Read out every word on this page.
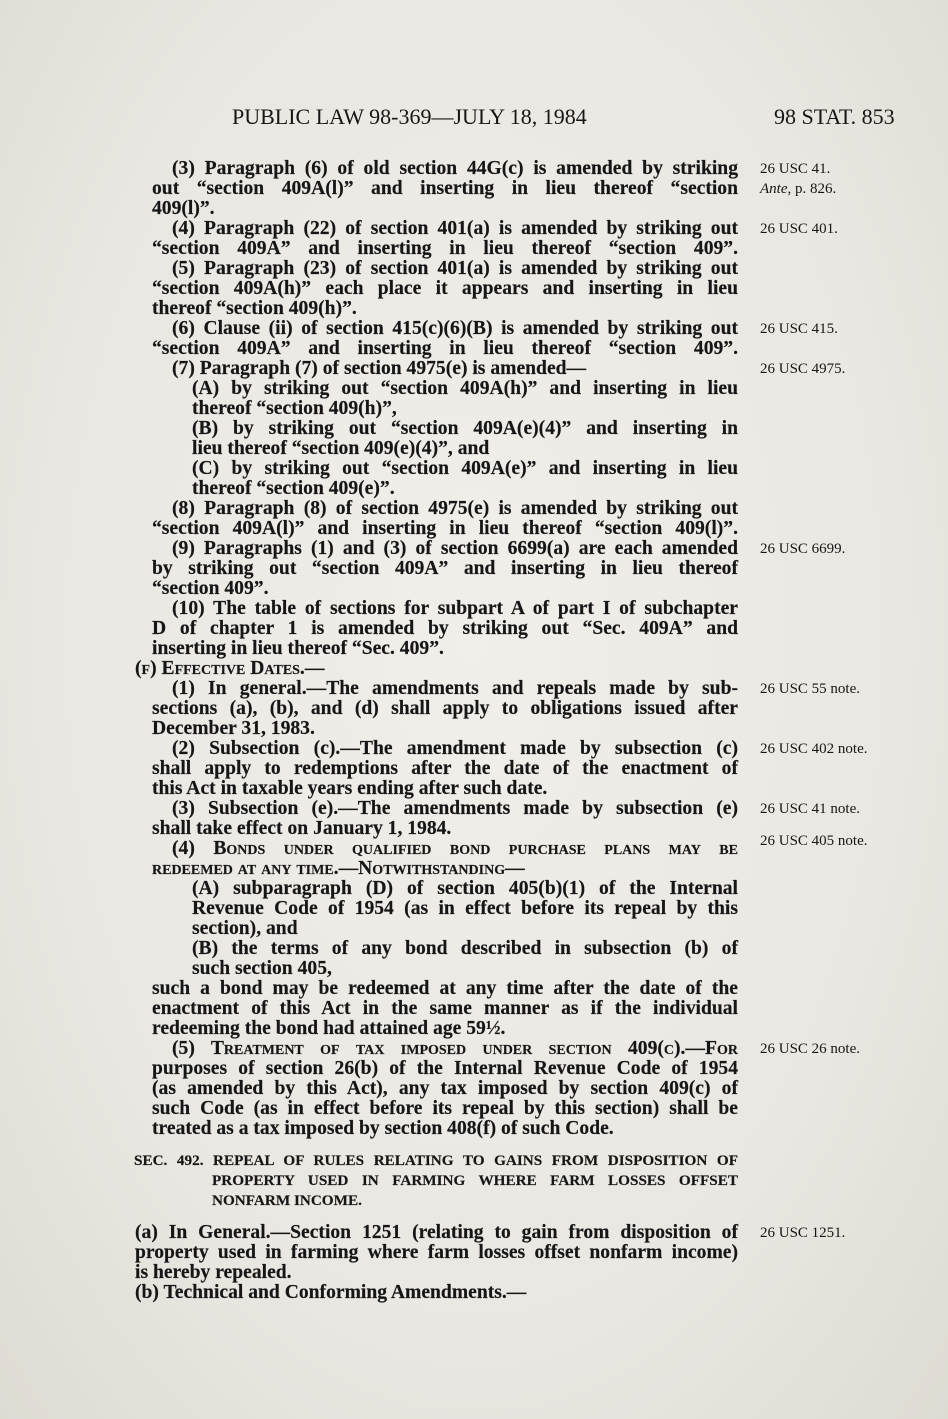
PUBLIC LAW 98-369—JULY 18, 1984	98 STAT. 853
(3) Paragraph (6) of old section 44G(c) is amended by striking
out “section 409A(l)” and inserting in lieu thereof “section
409(l)”.
(4) Paragraph (22) of section 401(a) is amended by striking out
“section 409A” and inserting in lieu thereof “section 409”.
(5) Paragraph (23) of section 401(a) is amended by striking out
“section 409A(h)” each place it appears and inserting in lieu
thereof “section 409(h)”.
(6) Clause (ii) of section 415(c)(6)(B) is amended by striking out
“section 409A” and inserting in lieu thereof “section 409”.
(7) Paragraph (7) of section 4975(e) is amended—
(A) by striking out “section 409A(h)” and inserting in lieu
thereof “section 409(h)”,
(B) by striking out “section 409A(e)(4)” and inserting in
lieu thereof “section 409(e)(4)”, and
(C) by striking out “section 409A(e)” and inserting in lieu
thereof “section 409(e)”.
(8) Paragraph (8) of section 4975(e) is amended by striking out
“section 409A(l)” and inserting in lieu thereof “section 409(l)”.
(9) Paragraphs (1) and (3) of section 6699(a) are each amended
by striking out “section 409A” and inserting in lieu thereof
“section 409”.
(10) The table of sections for subpart A of part I of subchapter
D of chapter 1 is amended by striking out “Sec. 409A” and
inserting in lieu thereof “Sec. 409”.
(f) Effective Dates.—
(1) In general.—The amendments and repeals made by sub-
sections (a), (b), and (d) shall apply to obligations issued after
December 31, 1983.
(2) Subsection (c).—The amendment made by subsection (c)
shall apply to redemptions after the date of the enactment of
this Act in taxable years ending after such date.
(3) Subsection (e).—The amendments made by subsection (e)
shall take effect on January 1, 1984.
(4) Bonds under qualified bond purchase plans may be
redeemed at any time.—Notwithstanding—
(A) subparagraph (D) of section 405(b)(1) of the Internal
Revenue Code of 1954 (as in effect before its repeal by this
section), and
(B) the terms of any bond described in subsection (b) of
such section 405,
such a bond may be redeemed at any time after the date of the
enactment of this Act in the same manner as if the individual
redeeming the bond had attained age 59½.
(5) Treatment of tax imposed under section 409(c).—For
purposes of section 26(b) of the Internal Revenue Code of 1954
(as amended by this Act), any tax imposed by section 409(c) of
such Code (as in effect before its repeal by this section) shall be
treated as a tax imposed by section 408(f) of such Code.
SEC. 492. REPEAL OF RULES RELATING TO GAINS FROM DISPOSITION OF
PROPERTY USED IN FARMING WHERE FARM LOSSES OFFSET
NONFARM INCOME.
(a) In General.—Section 1251 (relating to gain from disposition of
property used in farming where farm losses offset nonfarm income)
is hereby repealed.
(b) Technical and Conforming Amendments.—
26 USC 41.
Ante, p. 826.
26 USC 401.
26 USC 415.
26 USC 4975.
26 USC 6699.
26 USC 55 note.
26 USC 402 note.
26 USC 41 note.
26 USC 405 note.
26 USC 26 note.
26 USC 1251.
